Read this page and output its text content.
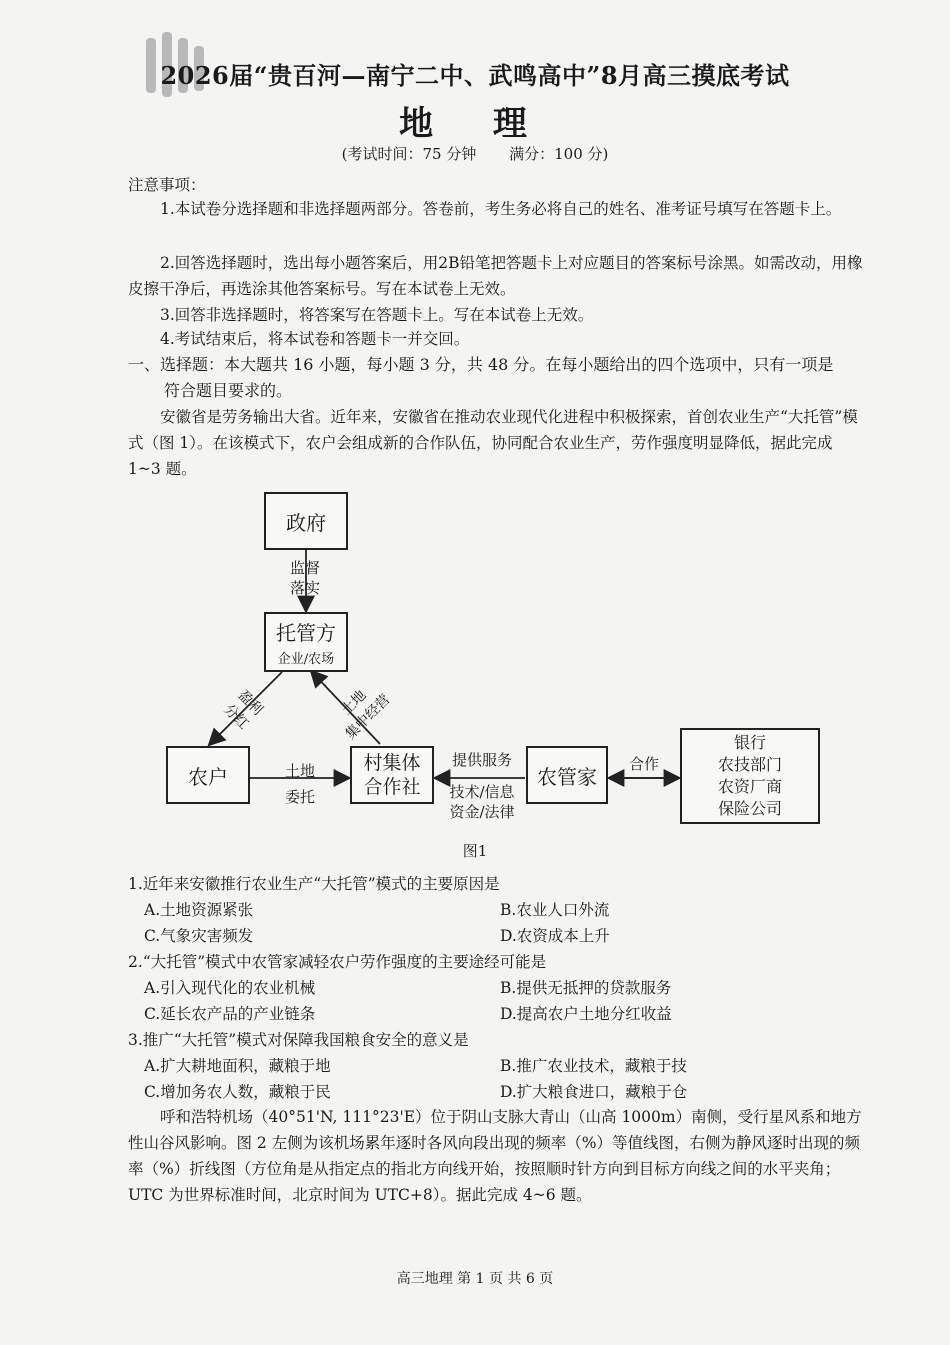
2026届“贵百河—南宁二中、武鸣高中”8月高三摸底考试
地 理
(考试时间：75 分钟 满分：100 分)
注意事项：
1.本试卷分选择题和非选择题两部分。答卷前，考生务必将自己的姓名、准考证号填写在答题卡上。
2.回答选择题时，选出每小题答案后，用2B铅笔把答题卡上对应题目的答案标号涂黑。如需改动，用橡皮擦干净后，再选涂其他答案标号。写在本试卷上无效。
3.回答非选择题时，将答案写在答题卡上。写在本试卷上无效。
4.考试结束后，将本试卷和答题卡一并交回。
一、选择题：本大题共 16 小题，每小题 3 分，共 48 分。在每小题给出的四个选项中，只有一项是
符合题目要求的。
安徽省是劳务输出大省。近年来，安徽省在推动农业现代化进程中积极探索，首创农业生产“大托管”模式（图 1）。在该模式下，农户会组成新的合作队伍，协同配合农业生产，劳作强度明显降低，据此完成 1~3 题。
政府
监督
落实
托管方
企业/农场
盈利
分红	土地
集中经营
农户	土地
委托
村集体
合作社
提供服务
技术/信息
资金/法律
农管家
合作
银行
农技部门
农资厂商
保险公司
图1
1.近年来安徽推行农业生产“大托管”模式的主要原因是
A.土地资源紧张	B.农业人口外流
C.气象灾害频发	D.农资成本上升
2.“大托管”模式中农管家减轻农户劳作强度的主要途经可能是
A.引入现代化的农业机械	B.提供无抵押的贷款服务
C.延长农产品的产业链条	D.提高农户土地分红收益
3.推广“大托管”模式对保障我国粮食安全的意义是
A.扩大耕地面积，藏粮于地	B.推广农业技术，藏粮于技
C.增加务农人数，藏粮于民	D.扩大粮食进口，藏粮于仓
呼和浩特机场（40°51'N, 111°23'E）位于阴山支脉大青山（山高 1000m）南侧，受行星风系和地方性山谷风影响。图 2 左侧为该机场累年逐时各风向段出现的频率（%）等值线图，右侧为静风逐时出现的频率（%）折线图（方位角是从指定点的指北方向线开始，按照顺时针方向到目标方向线之间的水平夹角；UTC 为世界标准时间，北京时间为 UTC+8）。据此完成 4~6 题。
高三地理 第 1 页 共 6 页
